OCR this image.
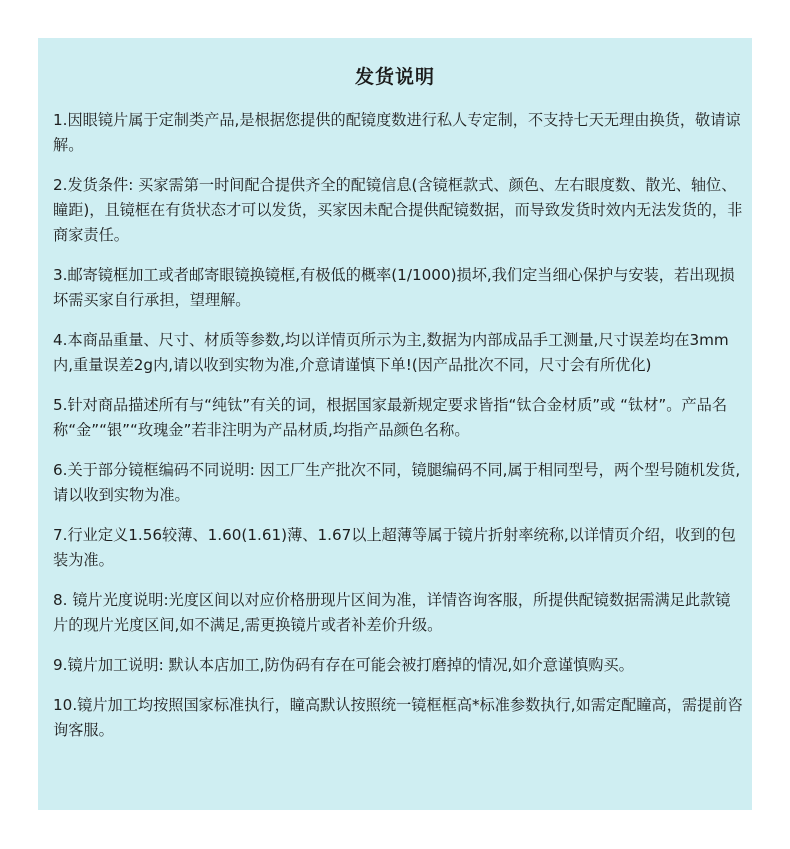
发货说明

1.因眼镜片属于定制类产品,是根据您提供的配镜度数进行私人专定制，不支持七天无理由换货，敬请谅解。

2.发货条件: 买家需第一时间配合提供齐全的配镜信息(含镜框款式、颜色、左右眼度数、散光、轴位、瞳距)，且镜框在有货状态才可以发货，买家因未配合提供配镜数据，而导致发货时效内无法发货的，非商家责任。

3.邮寄镜框加工或者邮寄眼镜换镜框,有极低的概率(1/1000)损坏,我们定当细心保护与安装，若出现损坏需买家自行承担，望理解。

4.本商品重量、尺寸、材质等参数,均以详情页所示为主,数据为内部成品手工测量,尺寸误差均在3mm内,重量误差2g内,请以收到实物为准,介意请谨慎下单!(因产品批次不同，尺寸会有所优化)

5.针对商品描述所有与“纯钛”有关的词，根据国家最新规定要求皆指“钛合金材质”或 “钛材”。产品名称“金”“银”“玫瑰金”若非注明为产品材质,均指产品颜色名称。

6.关于部分镜框编码不同说明: 因工厂生产批次不同，镜腿编码不同,属于相同型号，两个型号随机发货,请以收到实物为准。

7.行业定义1.56较薄、1.60(1.61)薄、1.67以上超薄等属于镜片折射率统称,以详情页介绍，收到的包装为准。

8. 镜片光度说明:光度区间以对应价格册现片区间为准，详情咨询客服，所提供配镜数据需满足此款镜片的现片光度区间,如不满足,需更换镜片或者补差价升级。

9.镜片加工说明: 默认本店加工,防伪码有存在可能会被打磨掉的情况,如介意谨慎购买。

10.镜片加工均按照国家标准执行，瞳高默认按照统一镜框框高*标准参数执行,如需定配瞳高，需提前咨询客服。
